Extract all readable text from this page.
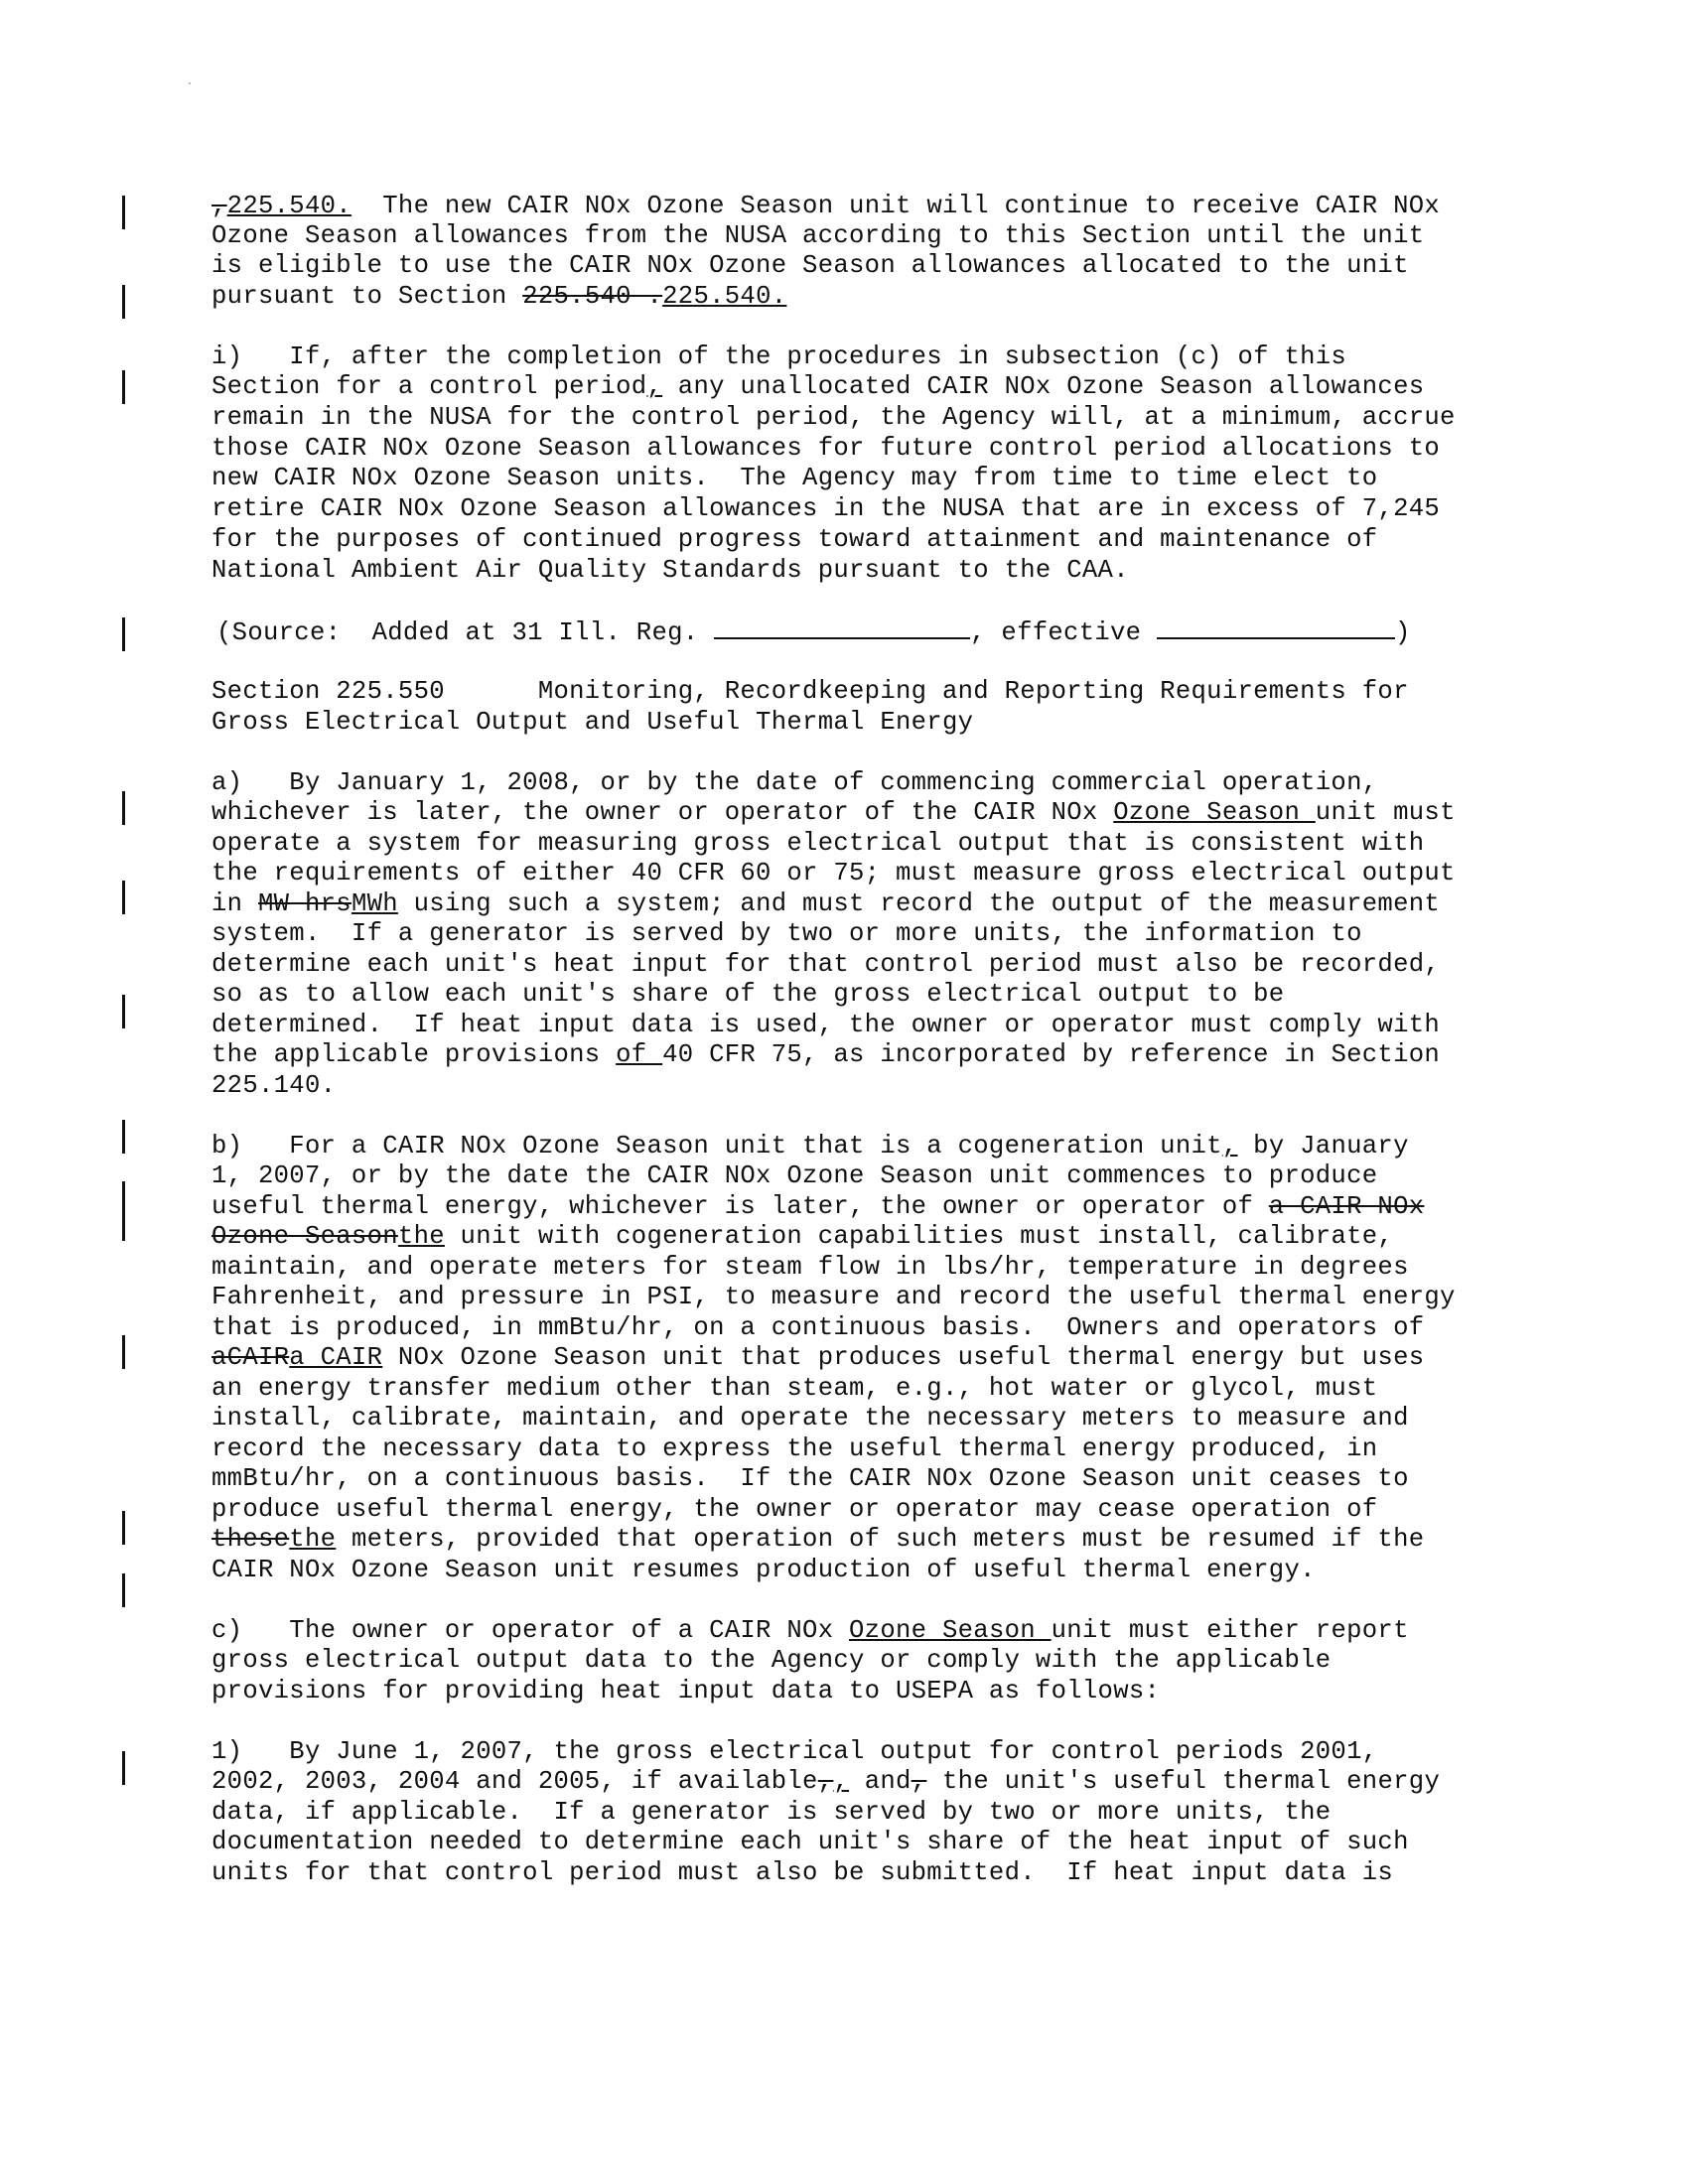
,225.540.  The new CAIR NOx Ozone Season unit will continue to receive CAIR NOx
Ozone Season allowances from the NUSA according to this Section until the unit
is eligible to use the CAIR NOx Ozone Season allowances allocated to the unit
pursuant to Section 225.540 .225.540.
i)   If, after the completion of the procedures in subsection (c) of this
Section for a control period, any unallocated CAIR NOx Ozone Season allowances
remain in the NUSA for the control period, the Agency will, at a minimum, accrue
those CAIR NOx Ozone Season allowances for future control period allocations to
new CAIR NOx Ozone Season units.  The Agency may from time to time elect to
retire CAIR NOx Ozone Season allowances in the NUSA that are in excess of 7,245
for the purposes of continued progress toward attainment and maintenance of
National Ambient Air Quality Standards pursuant to the CAA.
(Source:  Added at 31 Ill. Reg.	, effective	)
Section 225.550      Monitoring, Recordkeeping and Reporting Requirements for
Gross Electrical Output and Useful Thermal Energy
a)   By January 1, 2008, or by the date of commencing commercial operation,
whichever is later, the owner or operator of the CAIR NOx Ozone Season unit must
operate a system for measuring gross electrical output that is consistent with
the requirements of either 40 CFR 60 or 75; must measure gross electrical output
in MW-hrsMWh using such a system; and must record the output of the measurement
system.  If a generator is served by two or more units, the information to
determine each unit's heat input for that control period must also be recorded,
so as to allow each unit's share of the gross electrical output to be
determined.  If heat input data is used, the owner or operator must comply with
the applicable provisions of 40 CFR 75, as incorporated by reference in Section
225.140.
b)   For a CAIR NOx Ozone Season unit that is a cogeneration unit, by January
1, 2007, or by the date the CAIR NOx Ozone Season unit commences to produce
useful thermal energy, whichever is later, the owner or operator of a CAIR NOx
Ozone Seasonthe unit with cogeneration capabilities must install, calibrate,
maintain, and operate meters for steam flow in lbs/hr, temperature in degrees
Fahrenheit, and pressure in PSI, to measure and record the useful thermal energy
that is produced, in mmBtu/hr, on a continuous basis.  Owners and operators of
aCAIRa CAIR NOx Ozone Season unit that produces useful thermal energy but uses
an energy transfer medium other than steam, e.g., hot water or glycol, must
install, calibrate, maintain, and operate the necessary meters to measure and
record the necessary data to express the useful thermal energy produced, in
mmBtu/hr, on a continuous basis.  If the CAIR NOx Ozone Season unit ceases to
produce useful thermal energy, the owner or operator may cease operation of
thesethe meters, provided that operation of such meters must be resumed if the
CAIR NOx Ozone Season unit resumes production of useful thermal energy.
c)   The owner or operator of a CAIR NOx Ozone Season unit must either report
gross electrical output data to the Agency or comply with the applicable
provisions for providing heat input data to USEPA as follows:
1)   By June 1, 2007, the gross electrical output for control periods 2001,
2002, 2003, 2004 and 2005, if available,, and, the unit's useful thermal energy
data, if applicable.  If a generator is served by two or more units, the
documentation needed to determine each unit's share of the heat input of such
units for that control period must also be submitted.  If heat input data is
